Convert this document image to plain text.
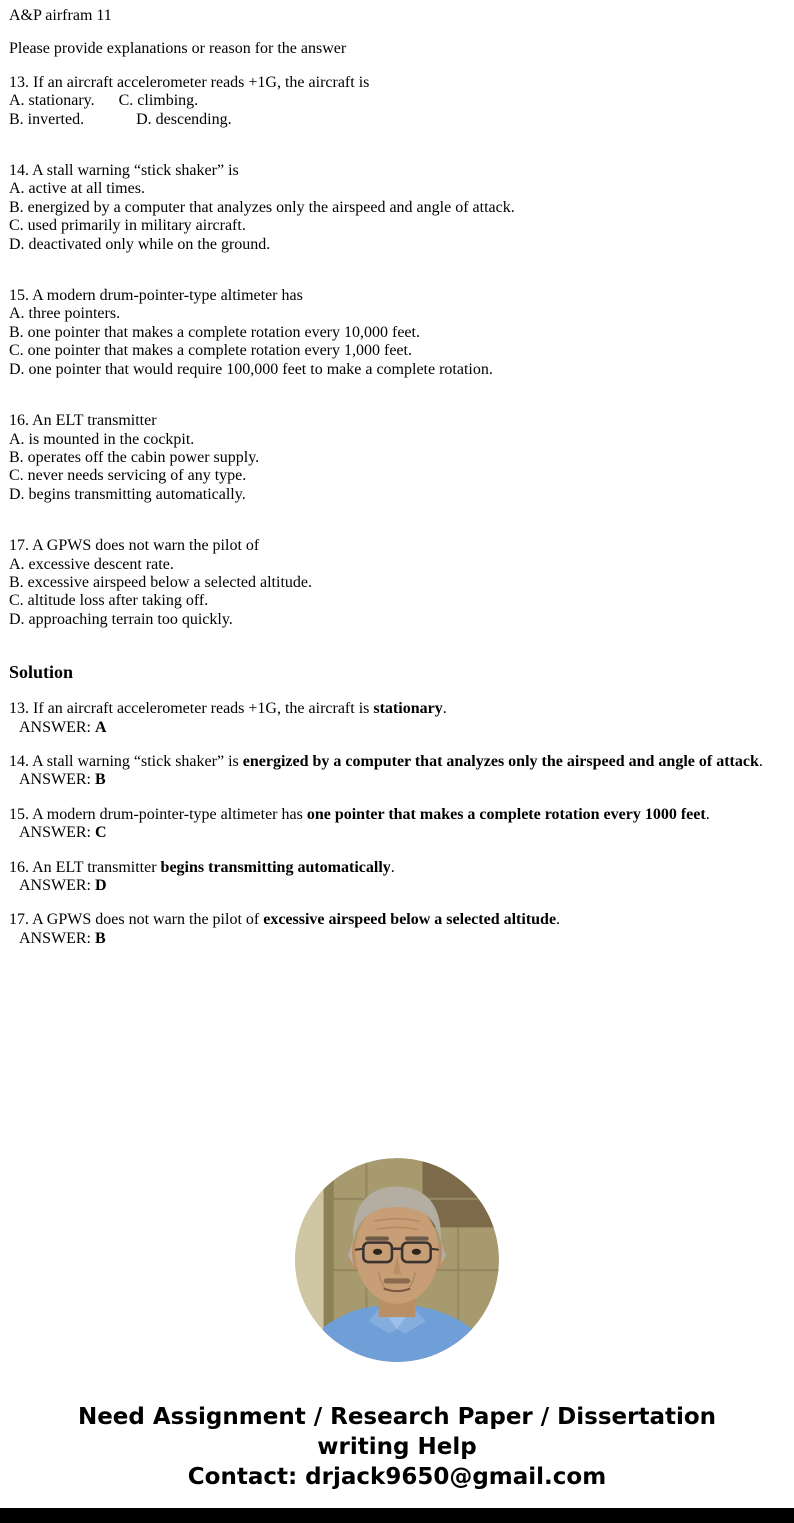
A&P airfram 11

Please provide explanations or reason for the answer

13. If an aircraft accelerometer reads +1G, the aircraft is

A. stationary.      C. climbing.

B. inverted.             D. descending.

14. A stall warning “stick shaker” is

A. active at all times.

B. energized by a computer that analyzes only the airspeed and angle of attack.

C. used primarily in military aircraft.

D. deactivated only while on the ground.

15. A modern drum-pointer-type altimeter has

A. three pointers.

B. one pointer that makes a complete rotation every 10,000 feet.

C. one pointer that makes a complete rotation every 1,000 feet.

D. one pointer that would require 100,000 feet to make a complete rotation.

16. An ELT transmitter

A. is mounted in the cockpit.

B. operates off the cabin power supply.

C. never needs servicing of any type.

D. begins transmitting automatically.

17. A GPWS does not warn the pilot of

A. excessive descent rate.

B. excessive airspeed below a selected altitude.

C. altitude loss after taking off.

D. approaching terrain too quickly.

Solution

13. If an aircraft accelerometer reads +1G, the aircraft is stationary.

ANSWER: A

14. A stall warning “stick shaker” is energized by a computer that analyzes only the airspeed and angle of attack.

ANSWER: B

15. A modern drum-pointer-type altimeter has one pointer that makes a complete rotation every 1000 feet.

ANSWER: C

16. An ELT transmitter begins transmitting automatically.

ANSWER: D

17. A GPWS does not warn the pilot of excessive airspeed below a selected altitude.

ANSWER: B

Need Assignment / Research Paper / Dissertation

writing Help

Contact: drjack9650@gmail.com
